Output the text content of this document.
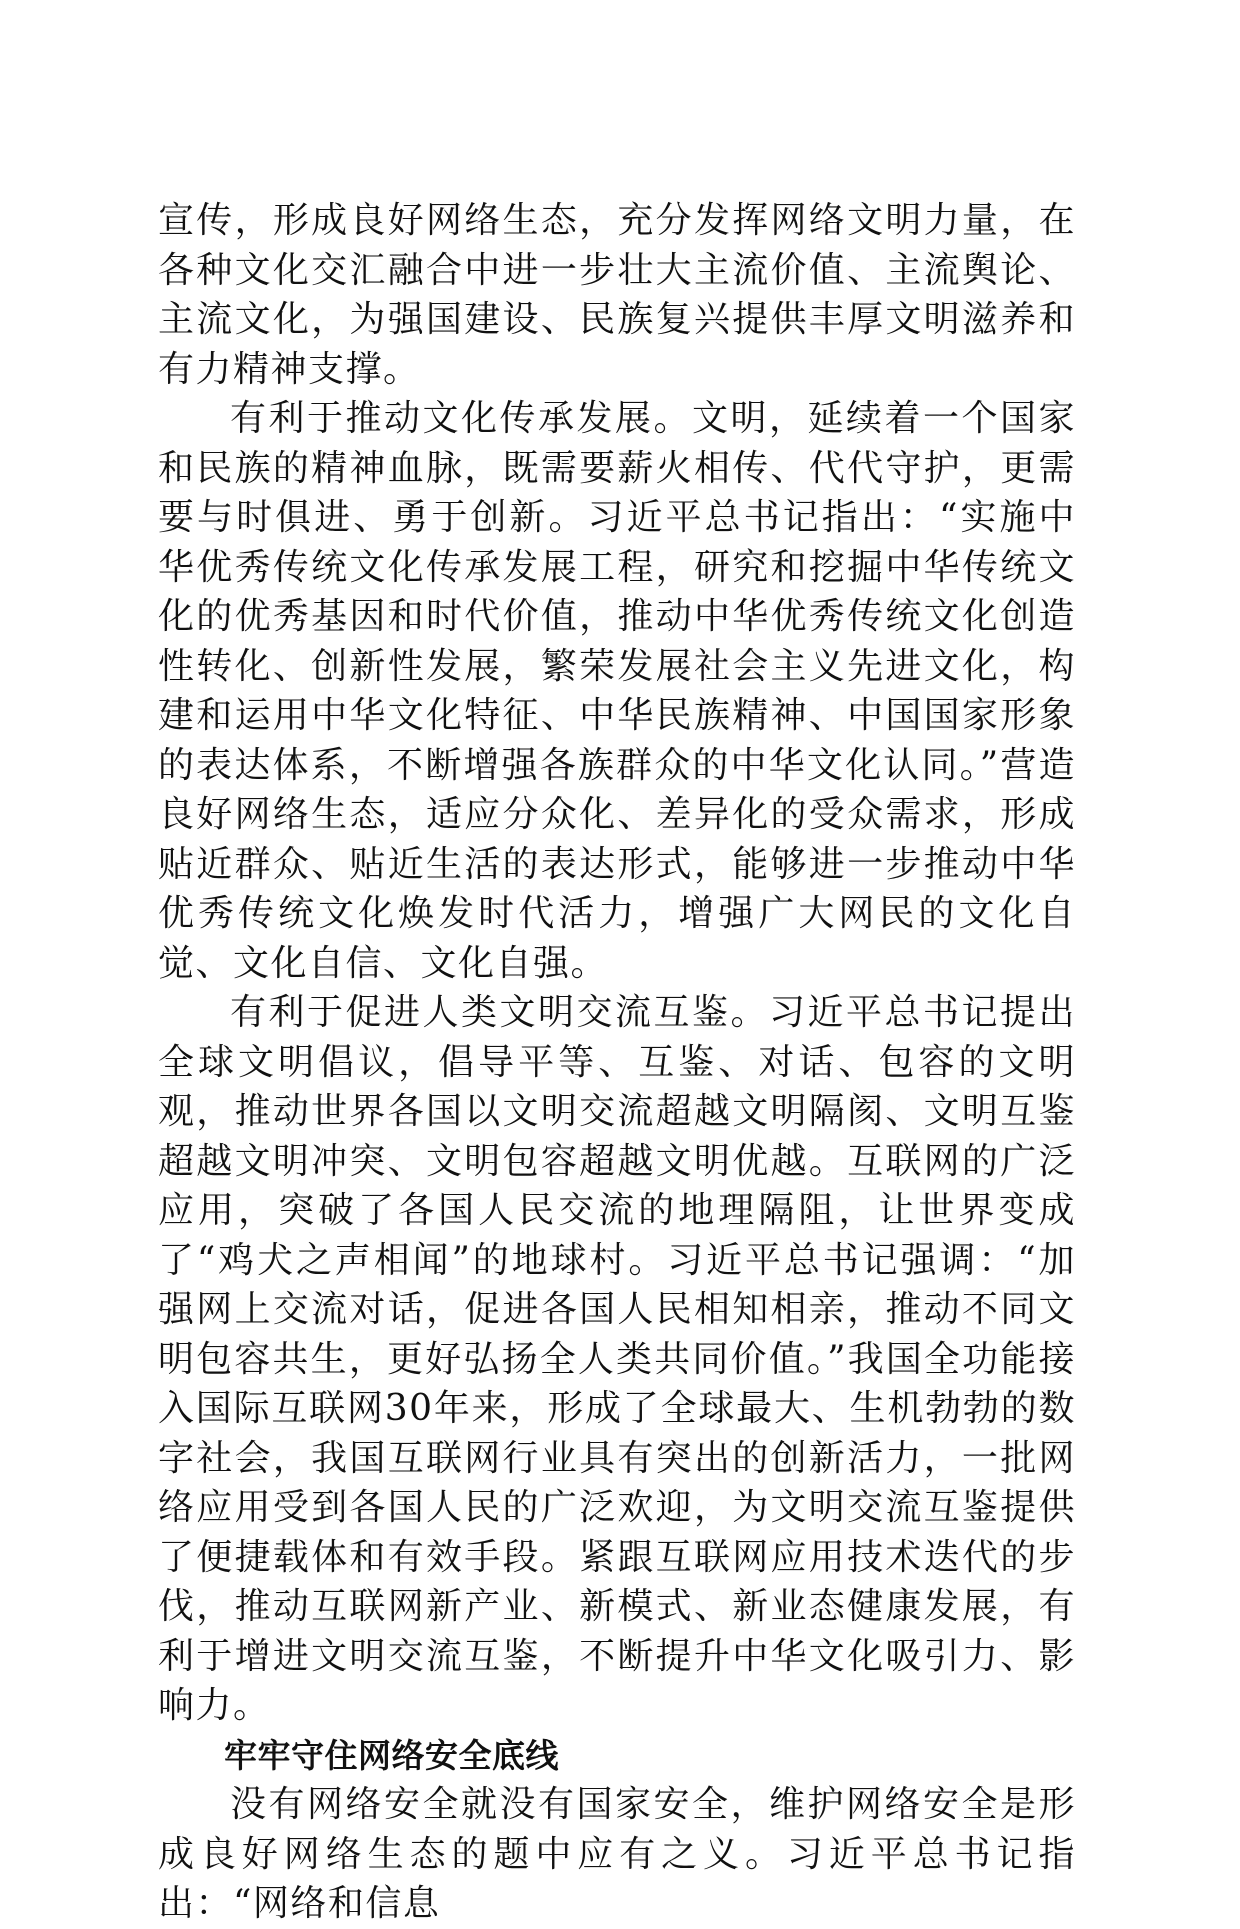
宣传，形成良好网络生态，充分发挥网络文明力量，在各种文化交汇融合中进一步壮大主流价值、主流舆论、主流文化，为强国建设、民族复兴提供丰厚文明滋养和有力精神支撑。

有利于推动文化传承发展。文明，延续着一个国家和民族的精神血脉，既需要薪火相传、代代守护，更需要与时俱进、勇于创新。习近平总书记指出：“实施中华优秀传统文化传承发展工程，研究和挖掘中华传统文化的优秀基因和时代价值，推动中华优秀传统文化创造性转化、创新性发展，繁荣发展社会主义先进文化，构建和运用中华文化特征、中华民族精神、中国国家形象的表达体系，不断增强各族群众的中华文化认同。”营造良好网络生态，适应分众化、差异化的受众需求，形成贴近群众、贴近生活的表达形式，能够进一步推动中华优秀传统文化焕发时代活力，增强广大网民的文化自觉、文化自信、文化自强。

有利于促进人类文明交流互鉴。习近平总书记提出全球文明倡议，倡导平等、互鉴、对话、包容的文明观，推动世界各国以文明交流超越文明隔阂、文明互鉴超越文明冲突、文明包容超越文明优越。互联网的广泛应用，突破了各国人民交流的地理隔阻，让世界变成了“鸡犬之声相闻”的地球村。习近平总书记强调：“加强网上交流对话，促进各国人民相知相亲，推动不同文明包容共生，更好弘扬全人类共同价值。”我国全功能接入国际互联网30年来，形成了全球最大、生机勃勃的数字社会，我国互联网行业具有突出的创新活力，一批网络应用受到各国人民的广泛欢迎，为文明交流互鉴提供了便捷载体和有效手段。紧跟互联网应用技术迭代的步伐，推动互联网新产业、新模式、新业态健康发展，有利于增进文明交流互鉴，不断提升中华文化吸引力、影响力。

牢牢守住网络安全底线

没有网络安全就没有国家安全，维护网络安全是形成良好网络生态的题中应有之义。习近平总书记指出：“网络和信息
